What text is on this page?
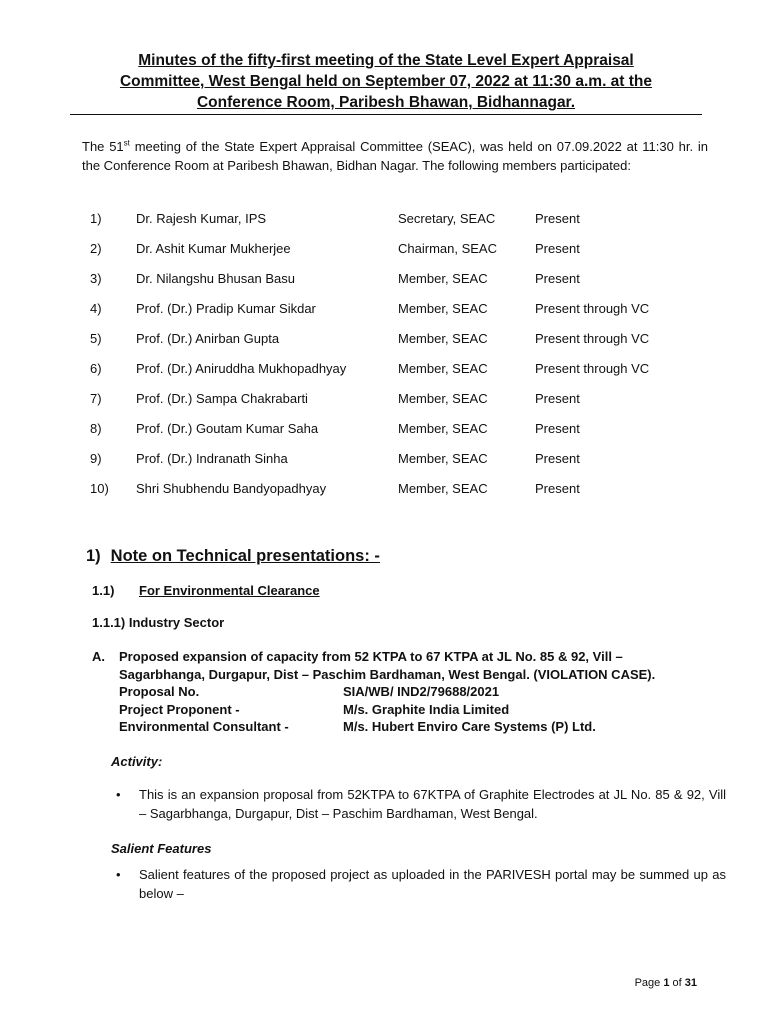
Minutes of the fifty-first meeting of the State Level Expert Appraisal
Committee, West Bengal held on September 07, 2022 at 11:30 a.m. at the
Conference Room, Paribesh Bhawan, Bidhannagar.
The 51st meeting of the State Expert Appraisal Committee (SEAC), was held on 07.09.2022 at 11:30 hr. in the Conference Room at Paribesh Bhawan, Bidhan Nagar. The following members participated:
1)	Dr. Rajesh Kumar, IPS	Secretary, SEAC	Present
2)	Dr. Ashit Kumar Mukherjee	Chairman, SEAC	Present
3)	Dr. Nilangshu Bhusan Basu	Member, SEAC	Present
4)	Prof. (Dr.) Pradip Kumar Sikdar	Member, SEAC	Present through VC
5)	Prof. (Dr.) Anirban Gupta	Member, SEAC	Present through VC
6)	Prof. (Dr.) Aniruddha Mukhopadhyay	Member, SEAC	Present through VC
7)	Prof. (Dr.) Sampa Chakrabarti	Member, SEAC	Present
8)	Prof. (Dr.) Goutam Kumar Saha	Member, SEAC	Present
9)	Prof. (Dr.) Indranath Sinha	Member, SEAC	Present
10) Shri Shubhendu Bandyopadhyay	Member, SEAC	Present
1) Note on Technical presentations: -
1.1) For Environmental Clearance
1.1.1) Industry Sector
A. Proposed expansion of capacity from 52 KTPA to 67 KTPA at JL No. 85 & 92, Vill –
Sagarbhanga, Durgapur, Dist – Paschim Bardhaman, West Bengal. (VIOLATION CASE).
Proposal No.	SIA/WB/ IND2/79688/2021
Project Proponent -	M/s. Graphite India Limited
Environmental Consultant -	M/s. Hubert Enviro Care Systems (P) Ltd.
Activity:
• This is an expansion proposal from 52KTPA to 67KTPA of Graphite Electrodes at JL No. 85 & 92, Vill – Sagarbhanga, Durgapur, Dist – Paschim Bardhaman, West Bengal.
Salient Features
• Salient features of the proposed project as uploaded in the PARIVESH portal may be summed up as below –
Page 1 of 31
